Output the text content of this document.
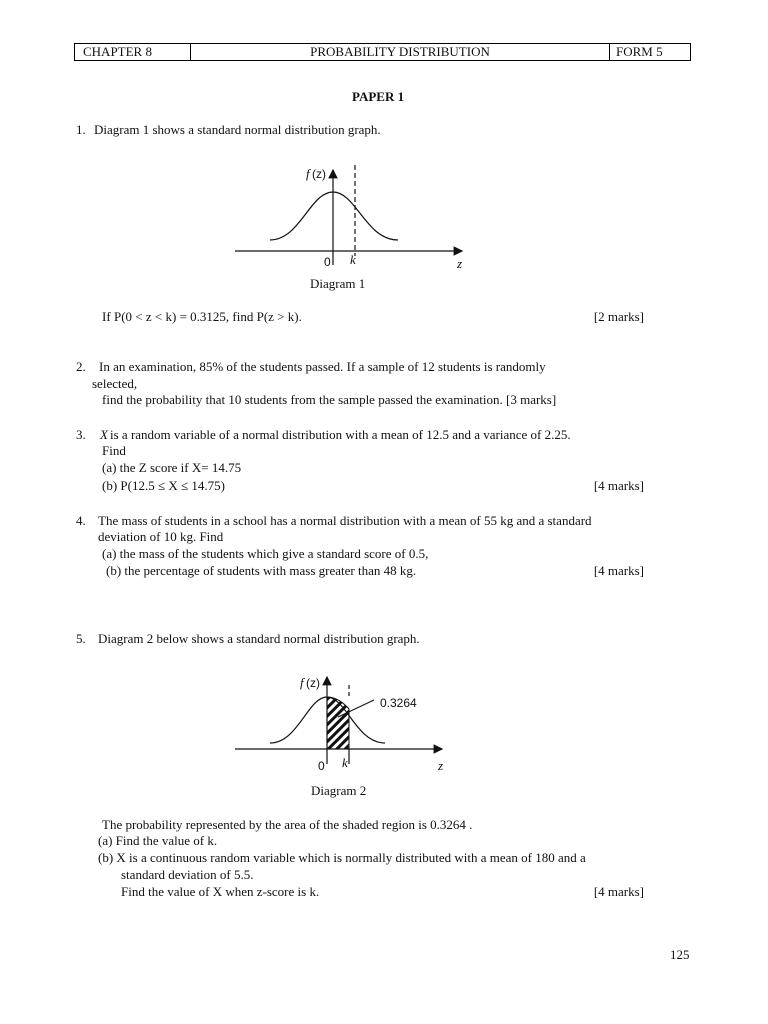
CHAPTER 8	PROBABILITY DISTRIBUTION	FORM 5
PAPER 1
1. Diagram 1 shows a standard normal distribution graph.
f (z)
0 k	z
Diagram 1
If P(0 < z < k) = 0.3125, find P(z > k).	[2 marks]
2. In an examination, 85% of the students passed. If a sample of 12 students is randomly
selected,
find the probability that 10 students from the sample passed the examination. [3 marks]
3. X is a random variable of a normal distribution with a mean of 12.5 and a variance of 2.25.
Find
(a) the Z score if X= 14.75
(b) P(12.5 ≤ X ≤ 14.75)	[4 marks]
4. The mass of students in a school has a normal distribution with a mean of 55 kg and a standard
deviation of 10 kg. Find
(a) the mass of the students which give a standard score of 0.5,
(b) the percentage of students with mass greater than 48 kg.	[4 marks]
5. Diagram 2 below shows a standard normal distribution graph.
0.3264
f (z)
0 k	z
Diagram 2
The probability represented by the area of the shaded region is 0.3264 .
(a) Find the value of k.
(b) X is a continuous random variable which is normally distributed with a mean of 180 and a
standard deviation of 5.5.
Find the value of X when z-score is k.	[4 marks]
125
